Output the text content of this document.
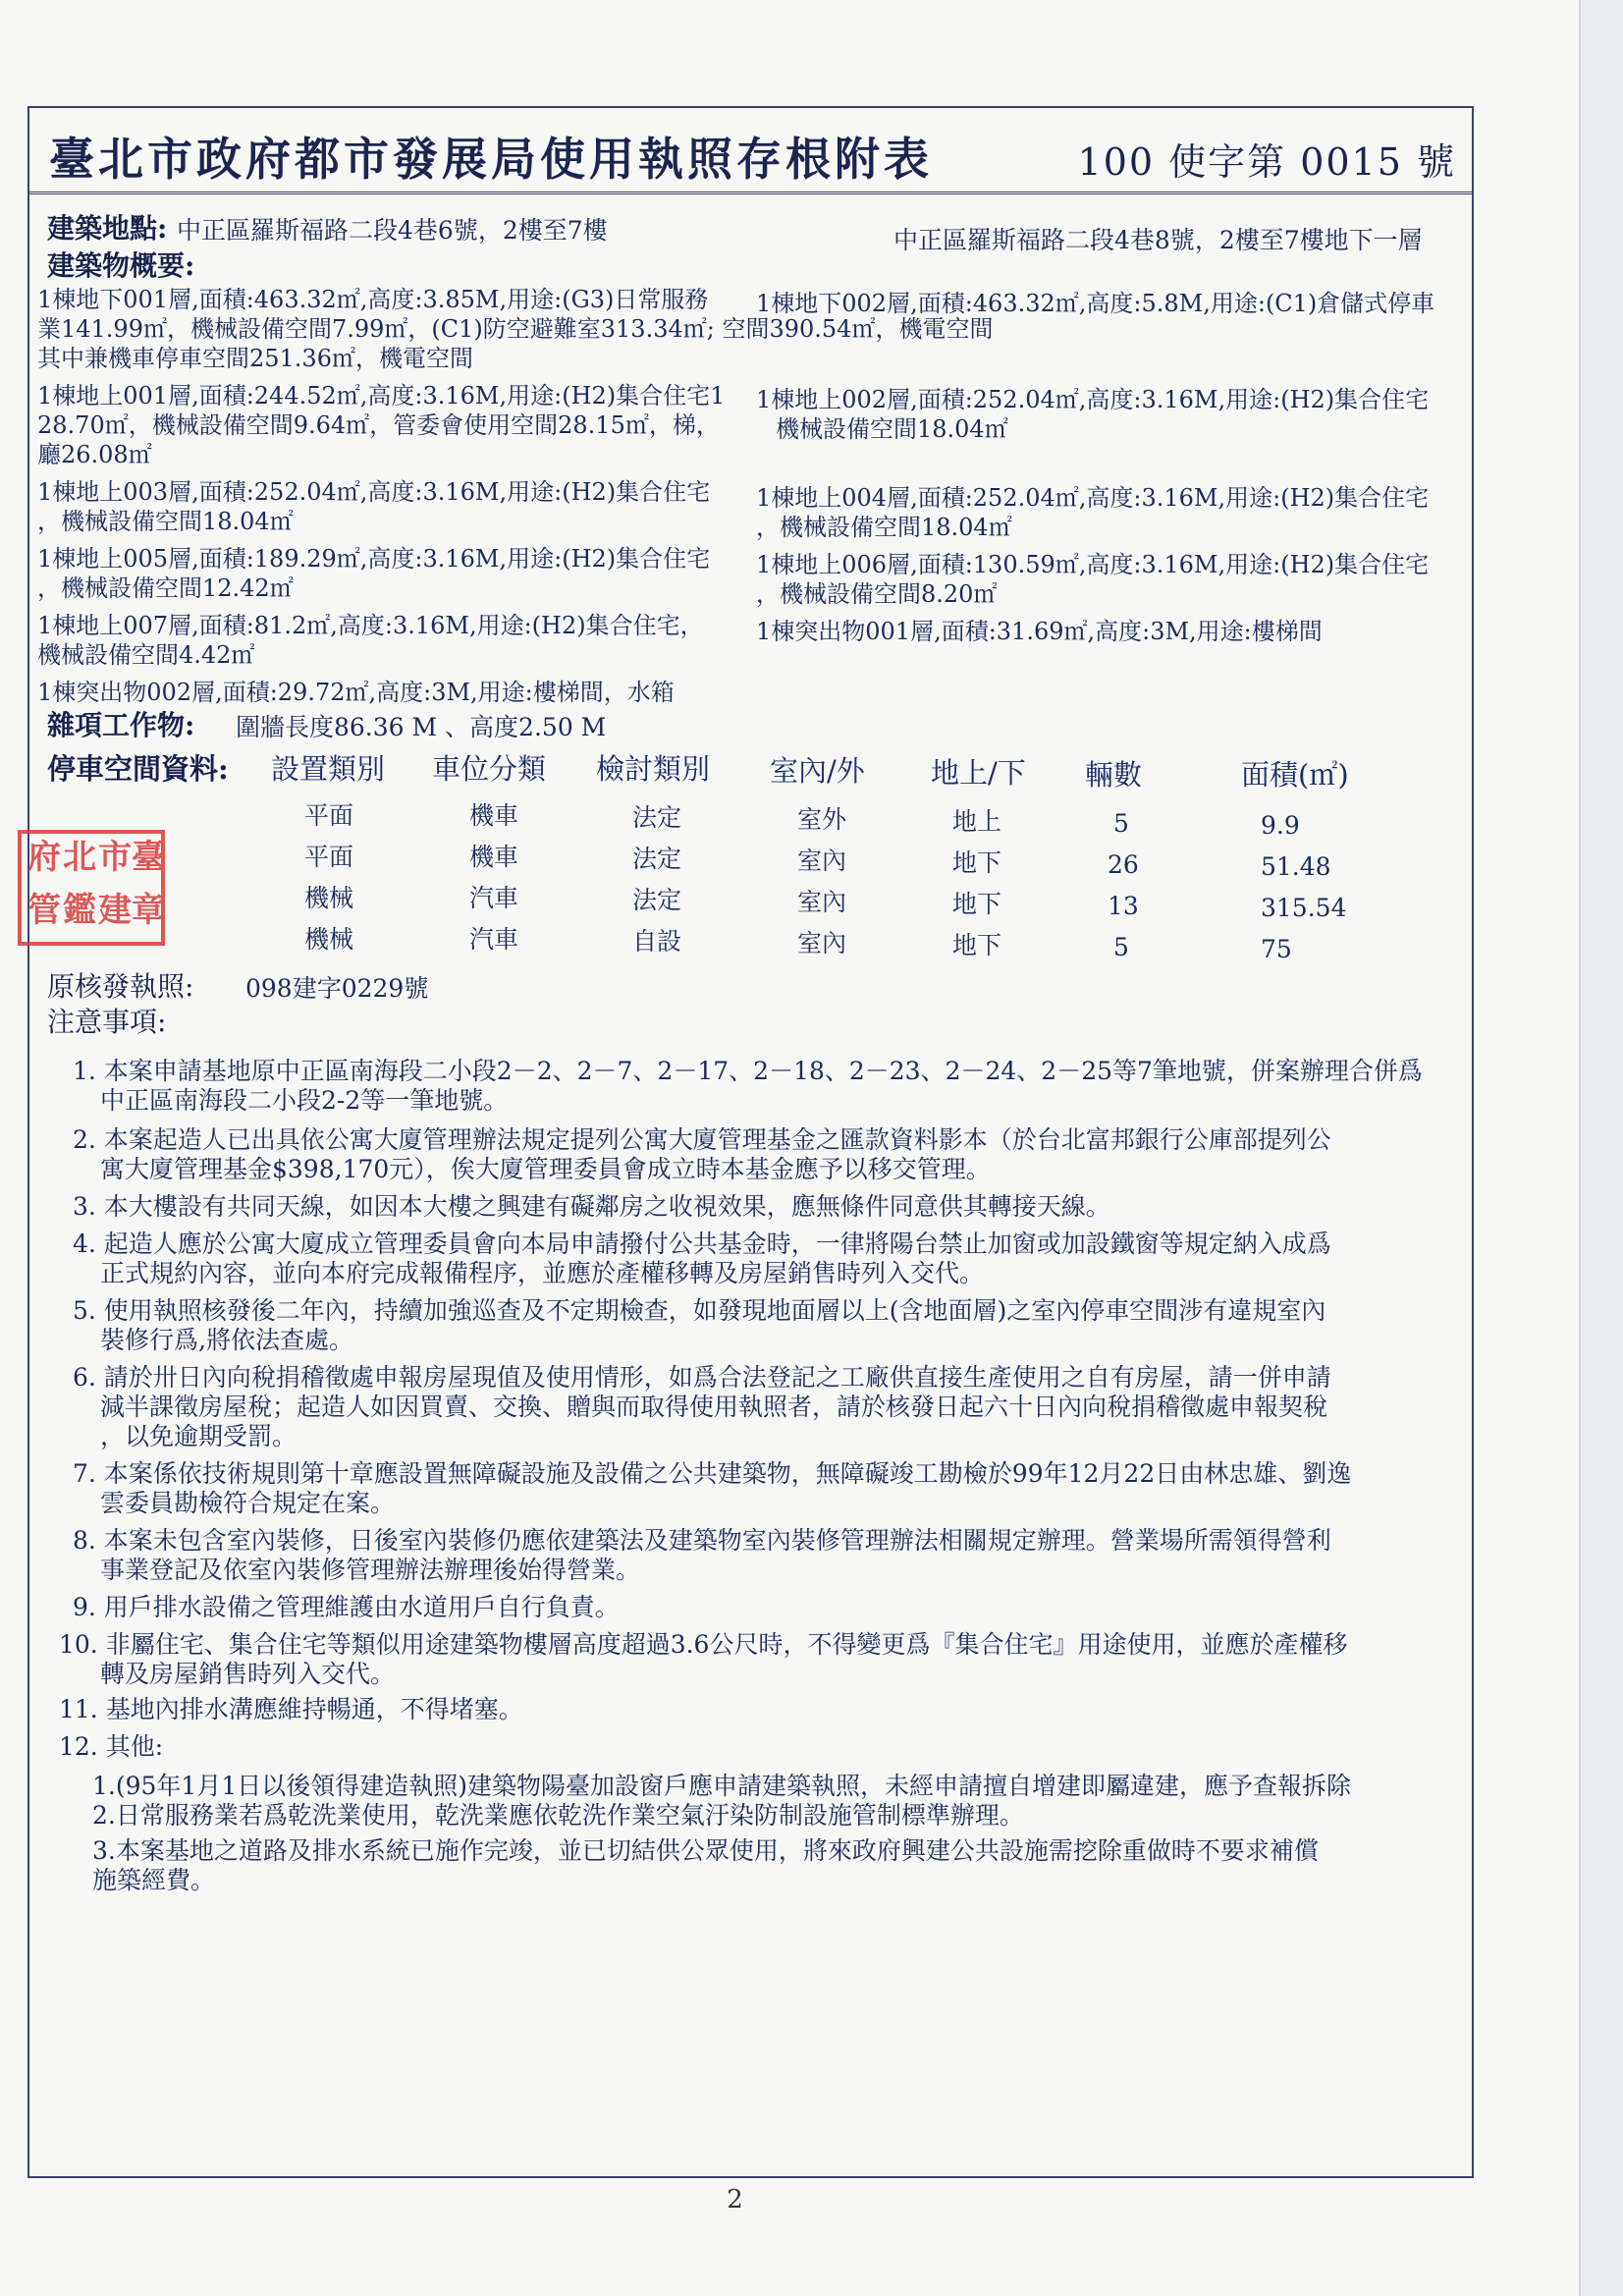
臺北市政府都市發展局使用執照存根附表	100 使字第 0015 號
建築地點: 中正區羅斯福路二段4巷6號，2樓至7樓	中正區羅斯福路二段4巷8號，2樓至7樓地下一層
建築物概要:
1棟地下001層,面積:463.32㎡,高度:3.85M,用途:(G3)日常服務
業141.99㎡，機械設備空間7.99㎡，(C1)防空避難室313.34㎡; 空間390.54㎡，機電空間
其中兼機車停車空間251.36㎡，機電空間
1棟地上001層,面積:244.52㎡,高度:3.16M,用途:(H2)集合住宅1
28.70㎡，機械設備空間9.64㎡，管委會使用空間28.15㎡，梯，
廳26.08㎡
1棟地上003層,面積:252.04㎡,高度:3.16M,用途:(H2)集合住宅
，機械設備空間18.04㎡
1棟地上005層,面積:189.29㎡,高度:3.16M,用途:(H2)集合住宅
，機械設備空間12.42㎡
1棟地上007層,面積:81.2㎡,高度:3.16M,用途:(H2)集合住宅，
機械設備空間4.42㎡
1棟突出物002層,面積:29.72㎡,高度:3M,用途:樓梯間，水箱
1棟地下002層,面積:463.32㎡,高度:5.8M,用途:(C1)倉儲式停車
1棟地上002層,面積:252.04㎡,高度:3.16M,用途:(H2)集合住宅
機械設備空間18.04㎡
1棟地上004層,面積:252.04㎡,高度:3.16M,用途:(H2)集合住宅
，機械設備空間18.04㎡
1棟地上006層,面積:130.59㎡,高度:3.16M,用途:(H2)集合住宅
，機械設備空間8.20㎡
1棟突出物001層,面積:31.69㎡,高度:3M,用途:樓梯間
雜項工作物: 圍牆長度86.36 M 、高度2.50 M
停車空間資料: 設置類別 車位分類 檢討類別 室內/外 地上/下 輛數	面積(㎡)
平面	機車	法定	室外	地上	5	9.9
平面	機車	法定	室內	地下	26	51.48
機械	汽車	法定	室內	地下	13	315.54
機械	汽車	自設	室內	地下	5	75
原核發執照: 098建字0229號
注意事項:
1. 本案申請基地原中正區南海段二小段2－2、2－7、2－17、2－18、2－23、2－24、2－25等7筆地號，併案辦理合併爲
中正區南海段二小段2-2等一筆地號。
2. 本案起造人已出具依公寓大廈管理辦法規定提列公寓大廈管理基金之匯款資料影本（於台北富邦銀行公庫部提列公
寓大廈管理基金$398,170元），俟大廈管理委員會成立時本基金應予以移交管理。
3. 本大樓設有共同天線，如因本大樓之興建有礙鄰房之收視效果，應無條件同意供其轉接天線。
4. 起造人應於公寓大廈成立管理委員會向本局申請撥付公共基金時，一律將陽台禁止加窗或加設鐵窗等規定納入成爲
正式規約內容，並向本府完成報備程序，並應於產權移轉及房屋銷售時列入交代。
5. 使用執照核發後二年內，持續加強巡查及不定期檢查，如發現地面層以上(含地面層)之室內停車空間涉有違規室內
裝修行爲,將依法查處。
6. 請於卅日內向稅捐稽徵處申報房屋現值及使用情形，如爲合法登記之工廠供直接生產使用之自有房屋，請一併申請
減半課徵房屋稅；起造人如因買賣、交換、贈與而取得使用執照者，請於核發日起六十日內向稅捐稽徵處申報契稅
，以免逾期受罰。
7. 本案係依技術規則第十章應設置無障礙設施及設備之公共建築物，無障礙竣工勘檢於99年12月22日由林忠雄、劉逸
雲委員勘檢符合規定在案。
8. 本案未包含室內裝修，日後室內裝修仍應依建築法及建築物室內裝修管理辦法相關規定辦理。營業場所需領得營利
事業登記及依室內裝修管理辦法辦理後始得營業。
9. 用戶排水設備之管理維護由水道用戶自行負責。
10. 非屬住宅、集合住宅等類似用途建築物樓層高度超過3.6公尺時，不得變更爲『集合住宅』用途使用，並應於產權移
轉及房屋銷售時列入交代。
11. 基地內排水溝應維持暢通，不得堵塞。
12. 其他:
1.(95年1月1日以後領得建造執照)建築物陽臺加設窗戶應申請建築執照，未經申請擅自增建即屬違建，應予查報拆除
2.日常服務業若爲乾洗業使用，乾洗業應依乾洗作業空氣汙染防制設施管制標準辦理。
3.本案基地之道路及排水系統已施作完竣，並已切結供公眾使用，將來政府興建公共設施需挖除重做時不要求補償
施築經費。
府 北 市 臺
管 鑑 建 章
2
